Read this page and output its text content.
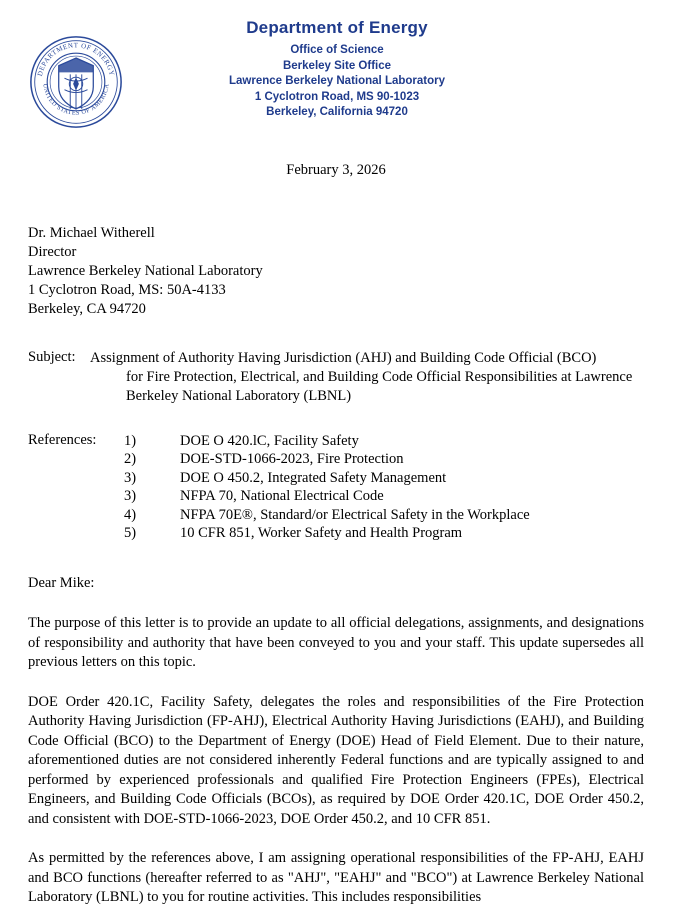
DEPARTMENT OF ENERGY
UNITED STATES OF AMERICA
Department of Energy
Office of Science
Berkeley Site Office
Lawrence Berkeley National Laboratory
1 Cyclotron Road, MS 90-1023
Berkeley, California 94720
February 3, 2026
Dr. Michael Witherell
Director
Lawrence Berkeley National Laboratory
1 Cyclotron Road, MS: 50A-4133
Berkeley, CA 94720
Subject: Assignment of Authority Having Jurisdiction (AHJ) and Building Code Official (BCO)
for Fire Protection, Electrical, and Building Code Official Responsibilities at Lawrence
Berkeley National Laboratory (LBNL)
References:	1)	DOE O 420.lC, Facility Safety
2)	DOE-STD-1066-2023, Fire Protection
3)	DOE O 450.2, Integrated Safety Management
3)	NFPA 70, National Electrical Code
4)	NFPA 70E®, Standard/or Electrical Safety in the Workplace
5)	10 CFR 851, Worker Safety and Health Program
Dear Mike:

The purpose of this letter is to provide an update to all official delegations, assignments, and designations of responsibility and authority that have been conveyed to you and your staff. This update supersedes all previous letters on this topic.

DOE Order 420.1C, Facility Safety, delegates the roles and responsibilities of the Fire Protection Authority Having Jurisdiction (FP-AHJ), Electrical Authority Having Jurisdictions (EAHJ), and Building Code Official (BCO) to the Department of Energy (DOE) Head of Field Element. Due to their nature, aforementioned duties are not considered inherently Federal functions and are typically assigned to and performed by experienced professionals and qualified Fire Protection Engineers (FPEs), Electrical Engineers, and Building Code Officials (BCOs), as required by DOE Order 420.1C, DOE Order 450.2, and consistent with DOE-STD-1066-2023, DOE Order 450.2, and 10 CFR 851.

As permitted by the references above, I am assigning operational responsibilities of the FP-AHJ, EAHJ and BCO functions (hereafter referred to as "AHJ", "EAHJ" and "BCO") at Lawrence Berkeley National Laboratory (LBNL) to you for routine activities. This includes responsibilities
